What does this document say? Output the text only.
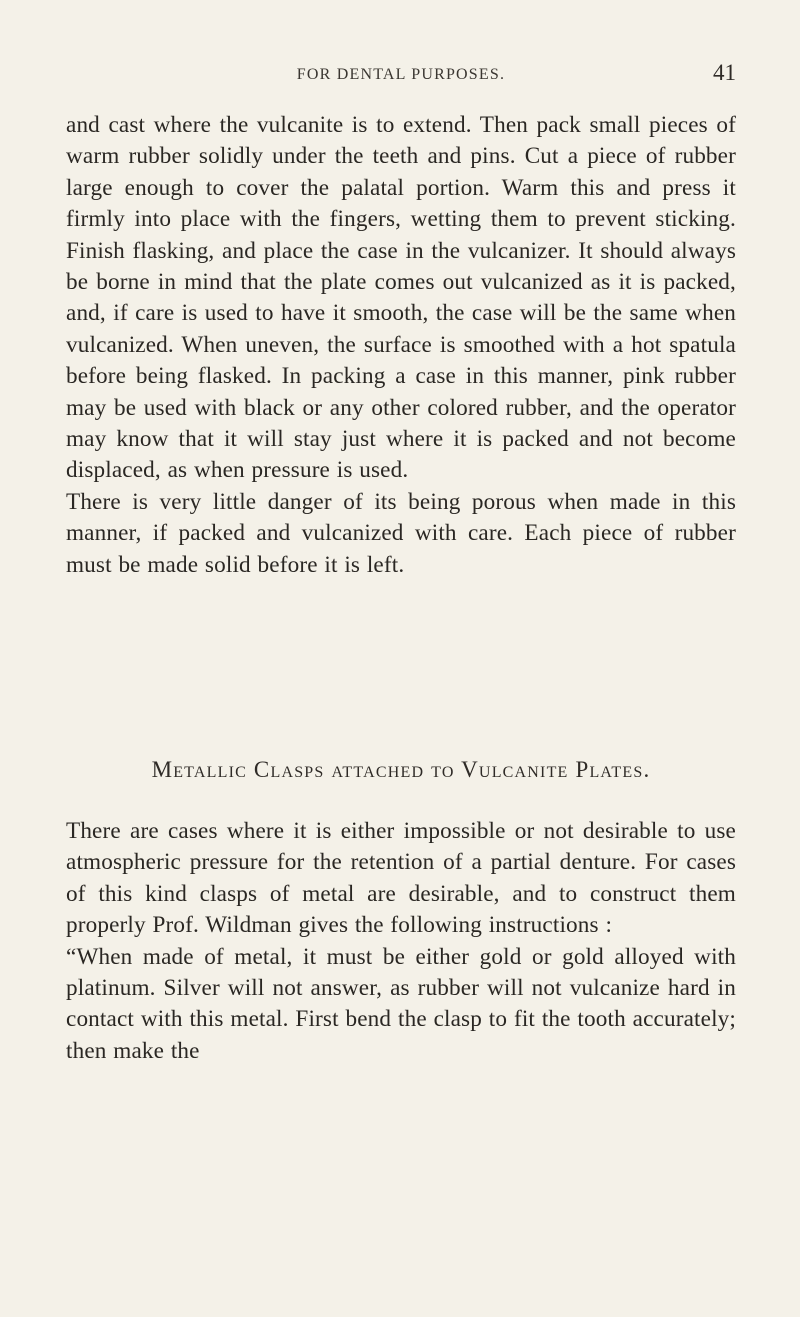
FOR DENTAL PURPOSES.	41

and cast where the vulcanite is to extend. Then pack small pieces of warm rubber solidly under the teeth and pins. Cut a piece of rubber large enough to cover the palatal portion. Warm this and press it firmly into place with the fingers, wetting them to prevent sticking. Finish flasking, and place the case in the vulcanizer. It should always be borne in mind that the plate comes out vulcanized as it is packed, and, if care is used to have it smooth, the case will be the same when vulcanized. When uneven, the surface is smoothed with a hot spatula before being flasked. In packing a case in this manner, pink rubber may be used with black or any other colored rubber, and the operator may know that it will stay just where it is packed and not become displaced, as when pressure is used.

There is very little danger of its being porous when made in this manner, if packed and vulcanized with care. Each piece of rubber must be made solid before it is left.

Metallic Clasps attached to Vulcanite Plates.

There are cases where it is either impossible or not desirable to use atmospheric pressure for the retention of a partial denture. For cases of this kind clasps of metal are desirable, and to construct them properly Prof. Wildman gives the following instructions :

“When made of metal, it must be either gold or gold alloyed with platinum. Silver will not answer, as rubber will not vulcanize hard in contact with this metal. First bend the clasp to fit the tooth accurately; then make the
